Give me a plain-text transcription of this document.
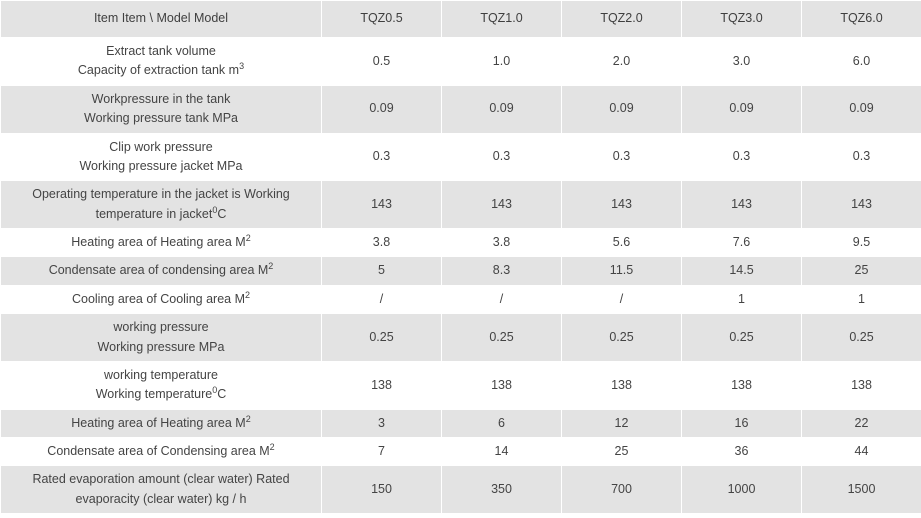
Item Item \ Model Model	TQZ0.5	TQZ1.0	TQZ2.0	TQZ3.0	TQZ6.0
Extract tank volume
Capacity of extraction tank $m^3$	0.5	1.0	2.0	3.0	6.0
Workpressure in the tank
Working pressure tank MPa	0.09	0.09	0.09	0.09	0.09
Clip work pressure
Working pressure jacket MPa	0.3	0.3	0.3	0.3	0.3
Operating temperature in the jacket is Working
temperature in jacket$^0$C	143	143	143	143	143
Heating area of Heating area $M^2$	3.8	3.8	5.6	7.6	9.5
Condensate area of condensing area $M^2$	5	8.3	11.5	14.5	25
Cooling area of Cooling area $M^2$	/	/	/	1	1
working pressure
Working pressure MPa	0.25	0.25	0.25	0.25	0.25
working temperature
Working temperature$^0$C	138	138	138	138	138
Heating area of Heating area $M^2$	3	6	12	16	22
Condensate area of Condensing area $M^2$	7	14	25	36	44
Rated evaporation amount (clear water) Rated
evaporacity (clear water) kg / h	150	350	700	1000	1500
